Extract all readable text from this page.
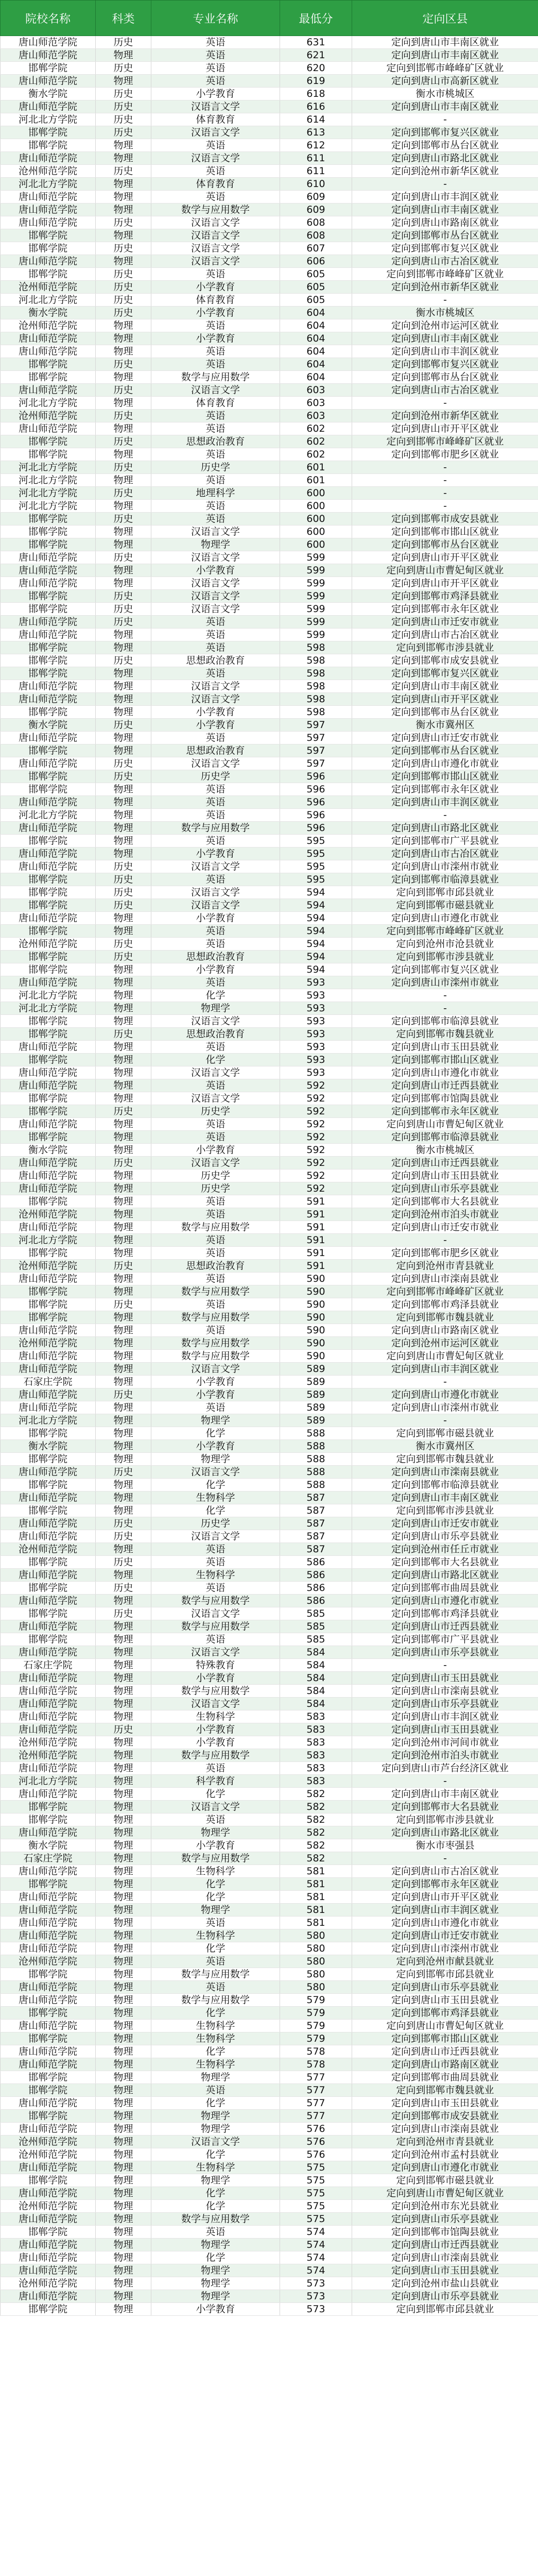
院校名称	科类	专业名称	最低分	定向区县
唐山师范学院	历史	英语	631	定向到唐山市丰南区就业
唐山师范学院	物理	英语	621	定向到唐山市丰南区就业
邯郸学院	历史	英语	620	定向到邯郸市峰峰矿区就业
唐山师范学院	物理	英语	619	定向到唐山市高新区就业
衡水学院	历史	小学教育	618	衡水市桃城区
唐山师范学院	历史	汉语言文学	616	定向到唐山市丰南区就业
河北北方学院	历史	体育教育	614	-
邯郸学院	历史	汉语言文学	613	定向到邯郸市复兴区就业
邯郸学院	物理	英语	612	定向到邯郸市丛台区就业
唐山师范学院	物理	汉语言文学	611	定向到唐山市路北区就业
沧州师范学院	历史	英语	611	定向到沧州市新华区就业
河北北方学院	物理	体育教育	610	-
唐山师范学院	物理	英语	609	定向到唐山市丰润区就业
唐山师范学院	物理	数学与应用数学	609	定向到唐山市丰南区就业
唐山师范学院	历史	汉语言文学	608	定向到唐山市路南区就业
邯郸学院	物理	汉语言文学	608	定向到邯郸市丛台区就业
邯郸学院	历史	汉语言文学	607	定向到邯郸市复兴区就业
唐山师范学院	物理	汉语言文学	606	定向到唐山市古冶区就业
邯郸学院	历史	英语	605	定向到邯郸市峰峰矿区就业
沧州师范学院	历史	小学教育	605	定向到沧州市新华区就业
河北北方学院	历史	体育教育	605	-
衡水学院	历史	小学教育	604	衡水市桃城区
沧州师范学院	物理	英语	604	定向到沧州市运河区就业
唐山师范学院	物理	小学教育	604	定向到唐山市丰南区就业
唐山师范学院	物理	英语	604	定向到唐山市丰润区就业
邯郸学院	历史	英语	604	定向到邯郸市复兴区就业
邯郸学院	物理	数学与应用数学	604	定向到邯郸市丛台区就业
唐山师范学院	历史	汉语言文学	603	定向到唐山市古冶区就业
河北北方学院	物理	体育教育	603	-
沧州师范学院	历史	英语	603	定向到沧州市新华区就业
唐山师范学院	物理	英语	602	定向到唐山市开平区就业
邯郸学院	历史	思想政治教育	602	定向到邯郸市峰峰矿区就业
邯郸学院	物理	英语	602	定向到邯郸市肥乡区就业
河北北方学院	历史	历史学	601	-
河北北方学院	物理	英语	601	-
河北北方学院	历史	地理科学	600	-
河北北方学院	物理	英语	600	-
邯郸学院	历史	英语	600	定向到邯郸市成安县就业
邯郸学院	物理	汉语言文学	600	定向到邯郸市邯山区就业
邯郸学院	物理	物理学	600	定向到邯郸市丛台区就业
唐山师范学院	历史	汉语言文学	599	定向到唐山市开平区就业
唐山师范学院	物理	小学教育	599	定向到唐山市曹妃甸区就业
唐山师范学院	物理	汉语言文学	599	定向到唐山市开平区就业
邯郸学院	历史	汉语言文学	599	定向到邯郸市鸡泽县就业
邯郸学院	历史	汉语言文学	599	定向到邯郸市永年区就业
唐山师范学院	历史	英语	599	定向到唐山市迁安市就业
唐山师范学院	物理	英语	599	定向到唐山市古冶区就业
邯郸学院	物理	英语	598	定向到邯郸市涉县就业
邯郸学院	历史	思想政治教育	598	定向到邯郸市成安县就业
邯郸学院	物理	英语	598	定向到邯郸市复兴区就业
唐山师范学院	物理	汉语言文学	598	定向到唐山市丰南区就业
唐山师范学院	物理	汉语言文学	598	定向到唐山市开平区就业
邯郸学院	物理	小学教育	598	定向到邯郸市丛台区就业
衡水学院	历史	小学教育	597	衡水市冀州区
唐山师范学院	物理	英语	597	定向到唐山市迁安市就业
邯郸学院	物理	思想政治教育	597	定向到邯郸市丛台区就业
唐山师范学院	历史	汉语言文学	597	定向到唐山市遵化市就业
邯郸学院	历史	历史学	596	定向到邯郸市邯山区就业
邯郸学院	物理	英语	596	定向到邯郸市永年区就业
唐山师范学院	物理	英语	596	定向到唐山市丰润区就业
河北北方学院	物理	英语	596	-
唐山师范学院	物理	数学与应用数学	596	定向到唐山市路北区就业
邯郸学院	物理	英语	595	定向到邯郸市广平县就业
唐山师范学院	物理	小学教育	595	定向到唐山市古冶区就业
唐山师范学院	历史	汉语言文学	595	定向到唐山市滦州市就业
邯郸学院	历史	英语	595	定向到邯郸市临漳县就业
邯郸学院	历史	汉语言文学	594	定向到邯郸市邱县就业
邯郸学院	历史	汉语言文学	594	定向到邯郸市磁县就业
唐山师范学院	物理	小学教育	594	定向到唐山市遵化市就业
邯郸学院	物理	英语	594	定向到邯郸市峰峰矿区就业
沧州师范学院	历史	英语	594	定向到沧州市沧县就业
邯郸学院	历史	思想政治教育	594	定向到邯郸市涉县就业
邯郸学院	物理	小学教育	594	定向到邯郸市复兴区就业
唐山师范学院	物理	英语	593	定向到唐山市滦州市就业
河北北方学院	物理	化学	593	-
河北北方学院	物理	物理学	593	-
邯郸学院	物理	汉语言文学	593	定向到邯郸市临漳县就业
邯郸学院	历史	思想政治教育	593	定向到邯郸市魏县就业
唐山师范学院	物理	英语	593	定向到唐山市玉田县就业
邯郸学院	物理	化学	593	定向到邯郸市邯山区就业
唐山师范学院	物理	汉语言文学	593	定向到唐山市遵化市就业
唐山师范学院	物理	英语	592	定向到唐山市迁西县就业
邯郸学院	物理	汉语言文学	592	定向到邯郸市馆陶县就业
邯郸学院	历史	历史学	592	定向到邯郸市永年区就业
唐山师范学院	物理	英语	592	定向到唐山市曹妃甸区就业
邯郸学院	物理	英语	592	定向到邯郸市临漳县就业
衡水学院	物理	小学教育	592	衡水市桃城区
唐山师范学院	历史	汉语言文学	592	定向到唐山市迁西县就业
唐山师范学院	物理	历史学	592	定向到唐山市玉田县就业
唐山师范学院	物理	历史学	592	定向到唐山市乐亭县就业
邯郸学院	物理	英语	591	定向到邯郸市大名县就业
沧州师范学院	物理	英语	591	定向到沧州市泊头市就业
唐山师范学院	物理	数学与应用数学	591	定向到唐山市迁安市就业
河北北方学院	物理	英语	591	-
邯郸学院	物理	英语	591	定向到邯郸市肥乡区就业
沧州师范学院	历史	思想政治教育	591	定向到沧州市青县就业
唐山师范学院	物理	英语	590	定向到唐山市滦南县就业
邯郸学院	物理	数学与应用数学	590	定向到邯郸市峰峰矿区就业
邯郸学院	历史	英语	590	定向到邯郸市鸡泽县就业
邯郸学院	物理	数学与应用数学	590	定向到邯郸市魏县就业
唐山师范学院	物理	英语	590	定向到唐山市路南区就业
沧州师范学院	物理	数学与应用数学	590	定向到沧州市运河区就业
唐山师范学院	物理	数学与应用数学	590	定向到唐山市曹妃甸区就业
唐山师范学院	物理	汉语言文学	589	定向到唐山市丰润区就业
石家庄学院	物理	小学教育	589	-
唐山师范学院	历史	小学教育	589	定向到唐山市遵化市就业
唐山师范学院	物理	英语	589	定向到唐山市滦州市就业
河北北方学院	物理	物理学	589	-
邯郸学院	物理	化学	588	定向到邯郸市磁县就业
衡水学院	物理	小学教育	588	衡水市冀州区
邯郸学院	物理	物理学	588	定向到邯郸市魏县就业
唐山师范学院	历史	汉语言文学	588	定向到唐山市滦南县就业
邯郸学院	物理	化学	588	定向到邯郸市临漳县就业
唐山师范学院	物理	生物科学	587	定向到唐山市丰南区就业
邯郸学院	物理	化学	587	定向到邯郸市涉县就业
唐山师范学院	历史	历史学	587	定向到唐山市迁安市就业
唐山师范学院	历史	汉语言文学	587	定向到唐山市乐亭县就业
沧州师范学院	物理	英语	587	定向到沧州市任丘市就业
邯郸学院	历史	英语	586	定向到邯郸市大名县就业
唐山师范学院	物理	生物科学	586	定向到唐山市路北区就业
邯郸学院	历史	英语	586	定向到邯郸市曲周县就业
唐山师范学院	物理	数学与应用数学	586	定向到唐山市遵化市就业
邯郸学院	历史	汉语言文学	585	定向到邯郸市鸡泽县就业
唐山师范学院	物理	数学与应用数学	585	定向到唐山市迁西县就业
邯郸学院	物理	英语	585	定向到邯郸市广平县就业
唐山师范学院	物理	汉语言文学	584	定向到唐山市乐亭县就业
石家庄学院	物理	特殊教育	584	-
唐山师范学院	物理	小学教育	584	定向到唐山市玉田县就业
唐山师范学院	物理	数学与应用数学	584	定向到唐山市滦南县就业
唐山师范学院	物理	汉语言文学	584	定向到唐山市乐亭县就业
唐山师范学院	物理	生物科学	583	定向到唐山市丰润区就业
唐山师范学院	历史	小学教育	583	定向到唐山市玉田县就业
沧州师范学院	物理	小学教育	583	定向到沧州市河间市就业
沧州师范学院	物理	数学与应用数学	583	定向到沧州市泊头市就业
唐山师范学院	物理	英语	583	定向到唐山市芦台经济区就业
河北北方学院	物理	科学教育	583	-
唐山师范学院	物理	化学	582	定向到唐山市丰南区就业
邯郸学院	物理	汉语言文学	582	定向到邯郸市大名县就业
邯郸学院	物理	英语	582	定向到邯郸市涉县就业
唐山师范学院	物理	物理学	582	定向到唐山市路北区就业
衡水学院	物理	小学教育	582	衡水市枣强县
石家庄学院	物理	数学与应用数学	582	-
唐山师范学院	物理	生物科学	581	定向到唐山市古冶区就业
邯郸学院	物理	化学	581	定向到邯郸市永年区就业
唐山师范学院	物理	化学	581	定向到唐山市开平区就业
唐山师范学院	物理	物理学	581	定向到唐山市丰润区就业
唐山师范学院	物理	英语	581	定向到唐山市遵化市就业
唐山师范学院	物理	生物科学	580	定向到唐山市迁安市就业
唐山师范学院	物理	化学	580	定向到唐山市滦州市就业
沧州师范学院	物理	英语	580	定向到沧州市献县就业
邯郸学院	物理	数学与应用数学	580	定向到邯郸市邱县就业
唐山师范学院	物理	英语	580	定向到唐山市乐亭县就业
唐山师范学院	物理	数学与应用数学	579	定向到唐山市玉田县就业
邯郸学院	物理	化学	579	定向到邯郸市鸡泽县就业
唐山师范学院	物理	生物科学	579	定向到唐山市曹妃甸区就业
邯郸学院	物理	生物科学	579	定向到邯郸市邯山区就业
唐山师范学院	物理	化学	578	定向到唐山市迁西县就业
唐山师范学院	物理	生物科学	578	定向到唐山市路南区就业
邯郸学院	物理	物理学	577	定向到邯郸市曲周县就业
邯郸学院	物理	英语	577	定向到邯郸市魏县就业
唐山师范学院	物理	化学	577	定向到唐山市玉田县就业
邯郸学院	物理	物理学	577	定向到邯郸市成安县就业
唐山师范学院	物理	物理学	576	定向到唐山市滦南县就业
沧州师范学院	物理	汉语言文学	576	定向到沧州市青县就业
沧州师范学院	物理	化学	576	定向到沧州市孟村县就业
唐山师范学院	物理	生物科学	575	定向到唐山市遵化市就业
邯郸学院	物理	物理学	575	定向到邯郸市磁县就业
唐山师范学院	物理	化学	575	定向到唐山市曹妃甸区就业
沧州师范学院	物理	化学	575	定向到沧州市东光县就业
唐山师范学院	物理	数学与应用数学	575	定向到唐山市乐亭县就业
邯郸学院	物理	英语	574	定向到邯郸市馆陶县就业
唐山师范学院	物理	物理学	574	定向到唐山市迁西县就业
唐山师范学院	物理	化学	574	定向到唐山市滦南县就业
唐山师范学院	物理	物理学	574	定向到唐山市玉田县就业
沧州师范学院	物理	物理学	573	定向到沧州市盐山县就业
唐山师范学院	物理	物理学	573	定向到唐山市乐亭县就业
邯郸学院	物理	小学教育	573	定向到邯郸市邱县就业
